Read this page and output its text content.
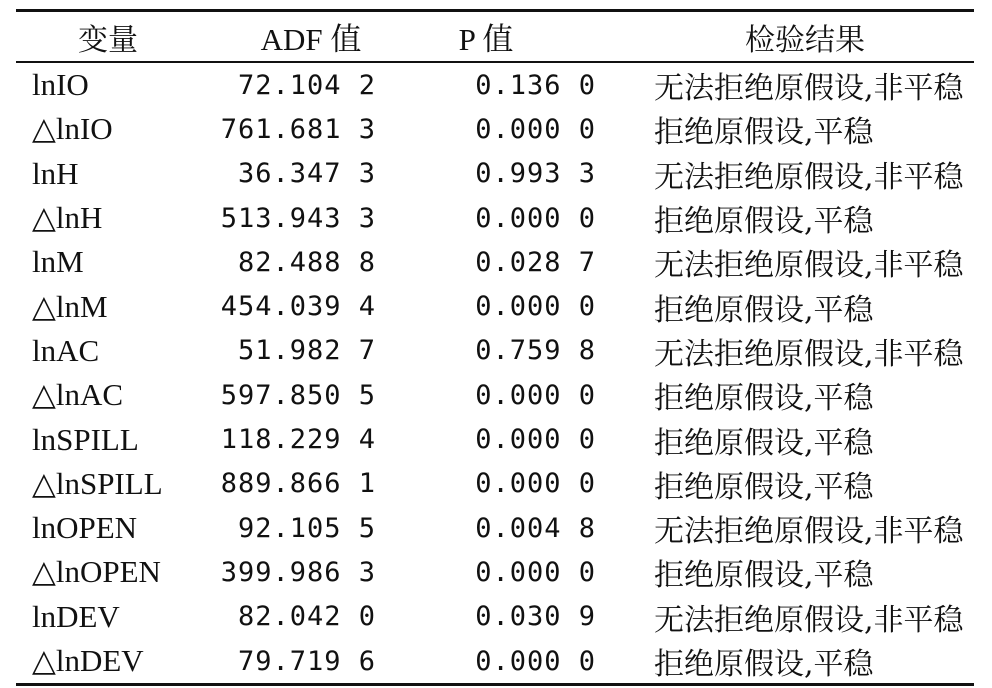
变量	ADF 值	P 值	检验结果
lnIO	72.104 2	0.136 0	无法拒绝原假设,非平稳
△lnIO	761.681 3	0.000 0	拒绝原假设,平稳
lnH	36.347 3	0.993 3	无法拒绝原假设,非平稳
△lnH	513.943 3	0.000 0	拒绝原假设,平稳
lnM	82.488 8	0.028 7	无法拒绝原假设,非平稳
△lnM	454.039 4	0.000 0	拒绝原假设,平稳
lnAC	51.982 7	0.759 8	无法拒绝原假设,非平稳
△lnAC	597.850 5	0.000 0	拒绝原假设,平稳
lnSPILL	118.229 4	0.000 0	拒绝原假设,平稳
△lnSPILL	889.866 1	0.000 0	拒绝原假设,平稳
lnOPEN	92.105 5	0.004 8	无法拒绝原假设,非平稳
△lnOPEN	399.986 3	0.000 0	拒绝原假设,平稳
lnDEV	82.042 0	0.030 9	无法拒绝原假设,非平稳
△lnDEV	79.719 6	0.000 0	拒绝原假设,平稳
